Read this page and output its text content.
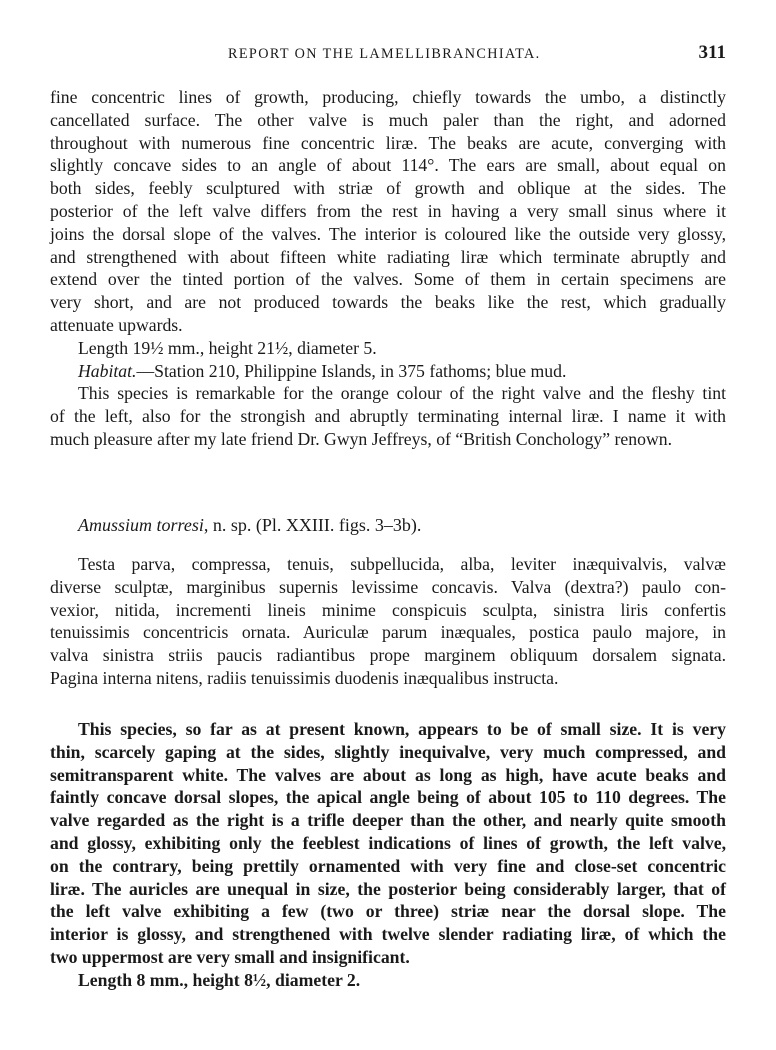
REPORT ON THE LAMELLIBRANCHIATA.	311
fine concentric lines of growth, producing, chiefly towards the umbo, a distinctly
cancellated surface. The other valve is much paler than the right, and adorned
throughout with numerous fine concentric liræ. The beaks are acute, converging with
slightly concave sides to an angle of about 114°. The ears are small, about equal on
both sides, feebly sculptured with striæ of growth and oblique at the sides. The
posterior of the left valve differs from the rest in having a very small sinus where it
joins the dorsal slope of the valves. The interior is coloured like the outside very glossy,
and strengthened with about fifteen white radiating liræ which terminate abruptly and
extend over the tinted portion of the valves. Some of them in certain specimens are
very short, and are not produced towards the beaks like the rest, which gradually
attenuate upwards.
Length 19½ mm., height 21½, diameter 5.
Habitat.—Station 210, Philippine Islands, in 375 fathoms; blue mud.
This species is remarkable for the orange colour of the right valve and the fleshy tint
of the left, also for the strongish and abruptly terminating internal liræ. I name it with
much pleasure after my late friend Dr. Gwyn Jeffreys, of “British Conchology” renown.
Amussium torresi, n. sp. (Pl. XXIII. figs. 3–3b).
Testa parva, compressa, tenuis, subpellucida, alba, leviter inæquivalvis, valvæ
diverse sculptæ, marginibus supernis levissime concavis. Valva (dextra?) paulo con-
vexior, nitida, incrementi lineis minime conspicuis sculpta, sinistra liris confertis
tenuissimis concentricis ornata. Auriculæ parum inæquales, postica paulo majore, in
valva sinistra striis paucis radiantibus prope marginem obliquum dorsalem signata.
Pagina interna nitens, radiis tenuissimis duodenis inæqualibus instructa.
This species, so far as at present known, appears to be of small size. It is very
thin, scarcely gaping at the sides, slightly inequivalve, very much compressed, and
semitransparent white. The valves are about as long as high, have acute beaks and
faintly concave dorsal slopes, the apical angle being of about 105 to 110 degrees. The
valve regarded as the right is a trifle deeper than the other, and nearly quite smooth
and glossy, exhibiting only the feeblest indications of lines of growth, the left valve,
on the contrary, being prettily ornamented with very fine and close-set concentric
liræ. The auricles are unequal in size, the posterior being considerably larger, that of
the left valve exhibiting a few (two or three) striæ near the dorsal slope. The
interior is glossy, and strengthened with twelve slender radiating liræ, of which the
two uppermost are very small and insignificant.
Length 8 mm., height 8½, diameter 2.
